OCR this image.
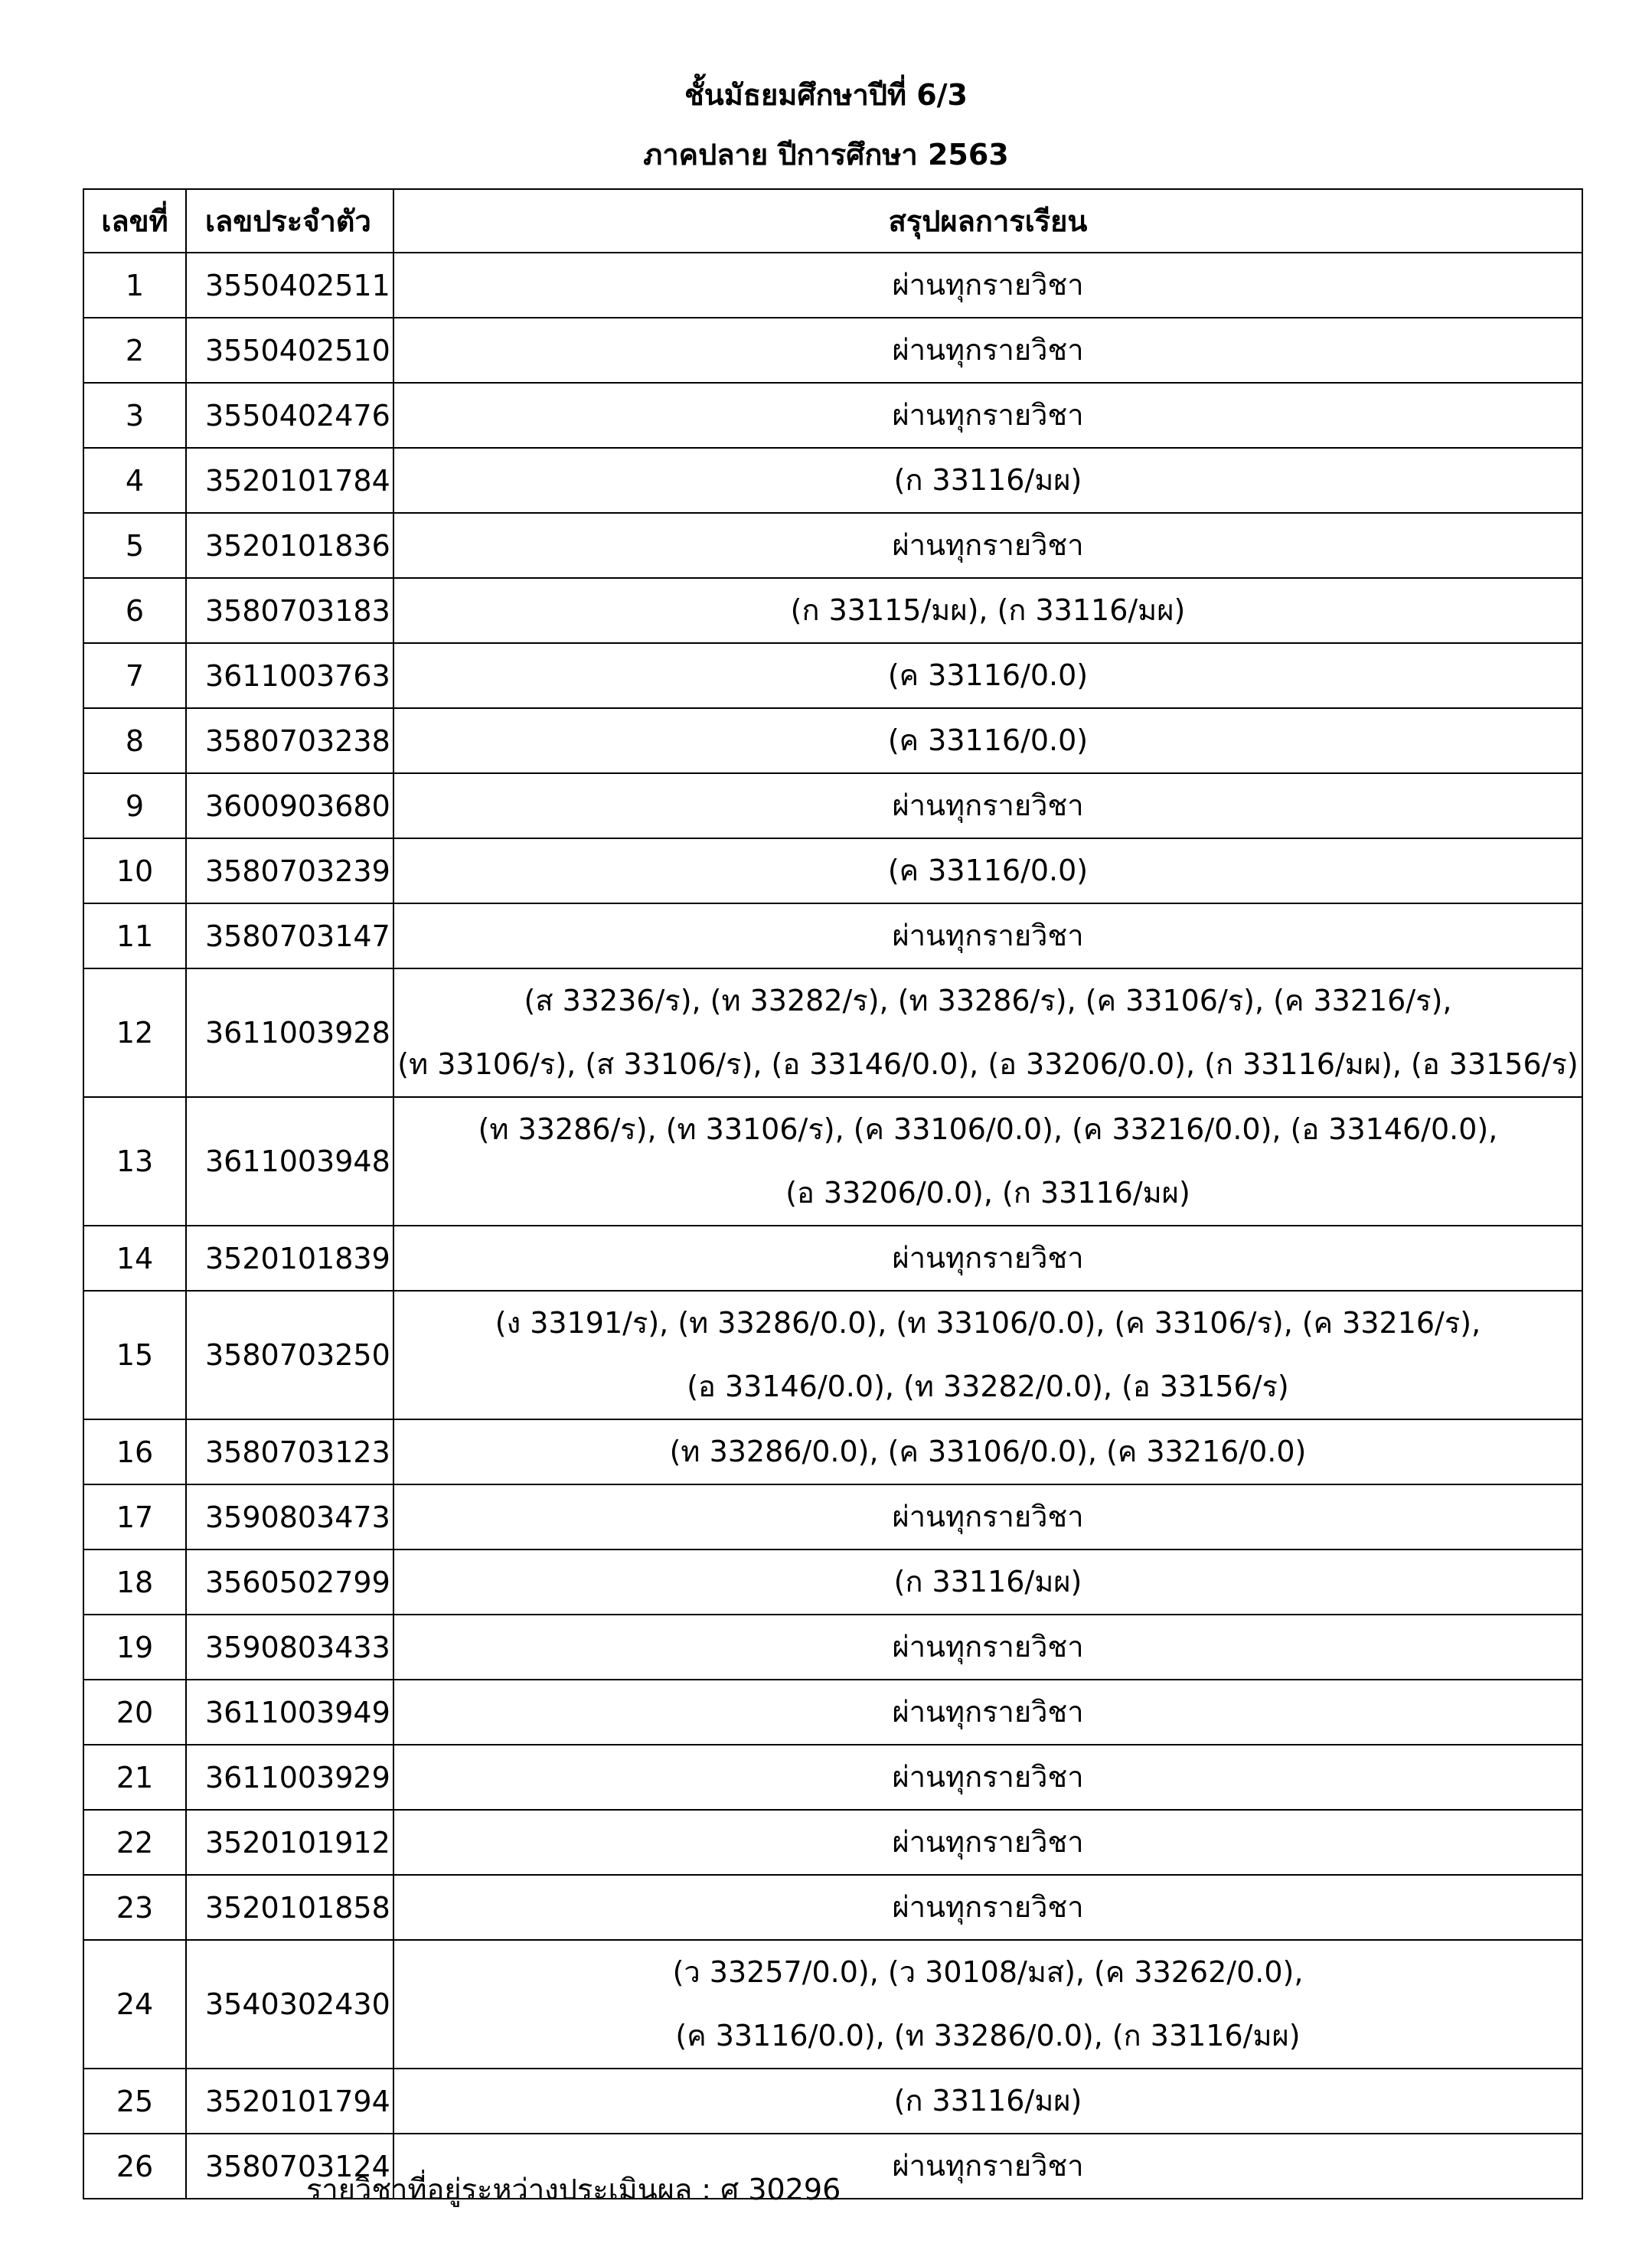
ชั้นมัธยมศึกษาปีที่ 6/3
ภาคปลาย ปีการศึกษา 2563
เลขที่	เลขประจำตัว	สรุปผลการเรียน
1	3550402511	ผ่านทุกรายวิชา

2	3550402510	ผ่านทุกรายวิชา

3	3550402476	ผ่านทุกรายวิชา

4	3520101784	(ก 33116/มผ)

5	3520101836	ผ่านทุกรายวิชา

6	3580703183	(ก 33115/มผ), (ก 33116/มผ)

7	3611003763	(ค 33116/0.0)

8	3580703238	(ค 33116/0.0)

9	3600903680	ผ่านทุกรายวิชา

10	3580703239	(ค 33116/0.0)

11	3580703147	ผ่านทุกรายวิชา

12	3611003928	(ส 33236/ร), (ท 33282/ร), (ท 33286/ร), (ค 33106/ร), (ค 33216/ร),
(ท 33106/ร), (ส 33106/ร), (อ 33146/0.0), (อ 33206/0.0), (ก 33116/มผ), (อ 33156/ร)

13	3611003948	(ท 33286/ร), (ท 33106/ร), (ค 33106/0.0), (ค 33216/0.0), (อ 33146/0.0),
(อ 33206/0.0), (ก 33116/มผ)

14	3520101839	ผ่านทุกรายวิชา

15	3580703250	(ง 33191/ร), (ท 33286/0.0), (ท 33106/0.0), (ค 33106/ร), (ค 33216/ร),
(อ 33146/0.0), (ท 33282/0.0), (อ 33156/ร)

16	3580703123	(ท 33286/0.0), (ค 33106/0.0), (ค 33216/0.0)

17	3590803473	ผ่านทุกรายวิชา

18	3560502799	(ก 33116/มผ)

19	3590803433	ผ่านทุกรายวิชา

20	3611003949	ผ่านทุกรายวิชา

21	3611003929	ผ่านทุกรายวิชา

22	3520101912	ผ่านทุกรายวิชา

23	3520101858	ผ่านทุกรายวิชา

24	3540302430	(ว 33257/0.0), (ว 30108/มส), (ค 33262/0.0),
(ค 33116/0.0), (ท 33286/0.0), (ก 33116/มผ)

25	3520101794	(ก 33116/มผ)

26	3580703124	ผ่านทุกรายวิชา
รายวิชาที่อยู่ระหว่างประเมินผล : ศ 30296
